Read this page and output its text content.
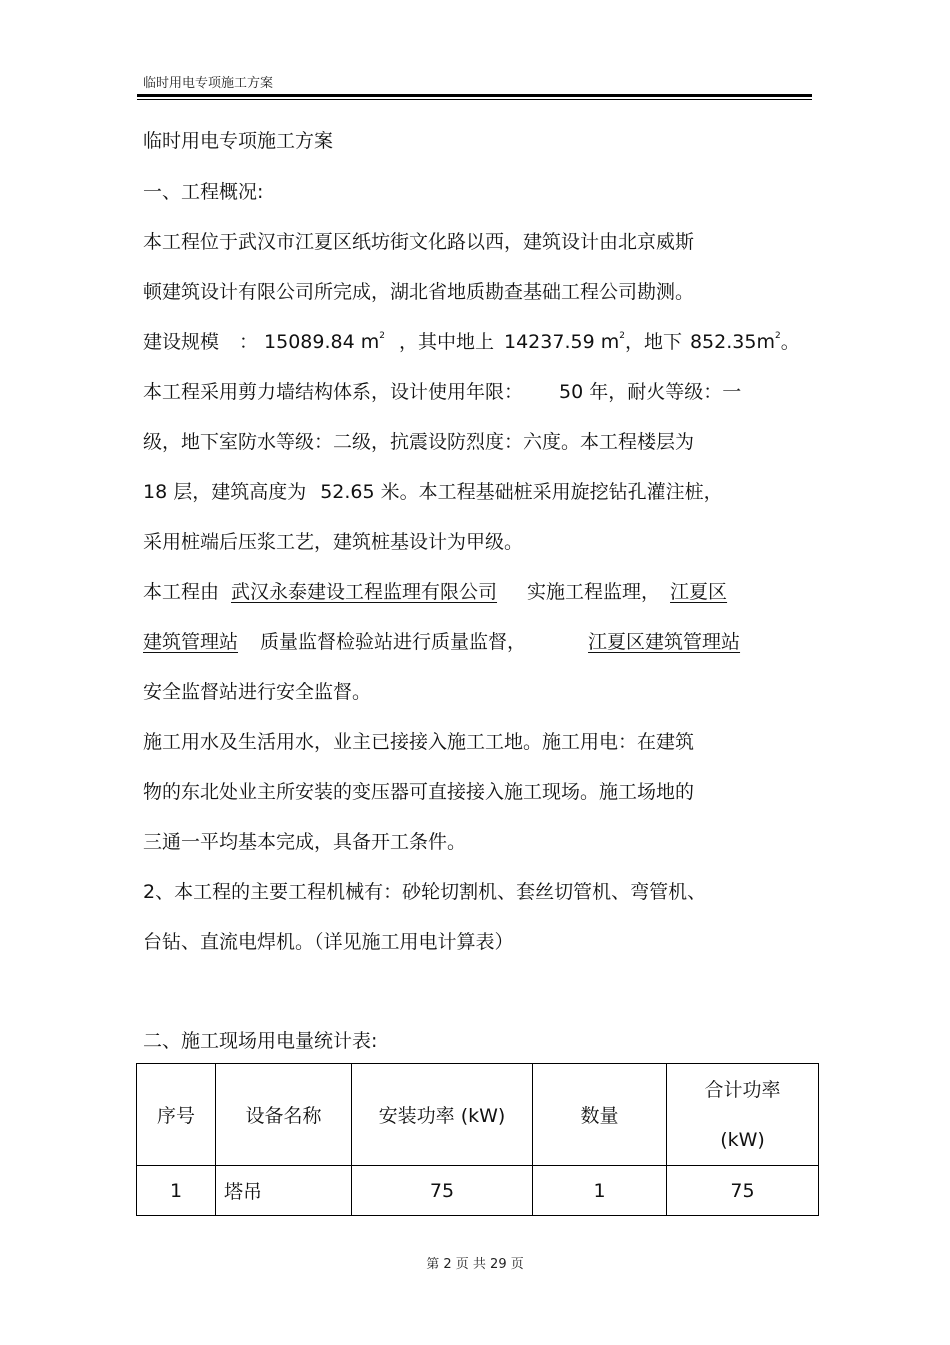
临时用电专项施工方案
临时用电专项施工方案
一、工程概况:
本工程位于武汉市江夏区纸坊街文化路以西，建筑设计由北京威斯
顿建筑设计有限公司所完成，湖北省地质勘查基础工程公司勘测。
建设规模 ： 15089.84 $m^2$ ，其中地上 14237.59 $m^2$，地下 $852.35m^2$。
本工程采用剪力墙结构体系，设计使用年限： 50 年，耐火等级：一
级，地下室防水等级：二级，抗震设防烈度：六度。本工程楼层为
18 层，建筑高度为 52.65 米。本工程基础桩采用旋挖钻孔灌注桩，
采用桩端后压浆工艺，建筑桩基设计为甲级。
本工程由 武汉永泰建设工程监理有限公司 实施工程监理， 江夏区
建筑管理站 质量监督检验站进行质量监督，	江夏区建筑管理站
安全监督站进行安全监督。
施工用水及生活用水，业主已接接入施工工地。施工用电：在建筑
物的东北处业主所安装的变压器可直接接入施工现场。施工场地的
三通一平均基本完成，具备开工条件。
2、本工程的主要工程机械有：砂轮切割机、套丝切管机、弯管机、
台钻、直流电焊机。（详见施工用电计算表）
二、施工现场用电量统计表:
序号	设备名称	安装功率 (kW)	数量	合计功率
(kW)

1	塔吊	75	1	75
第 2 页 共 29 页
